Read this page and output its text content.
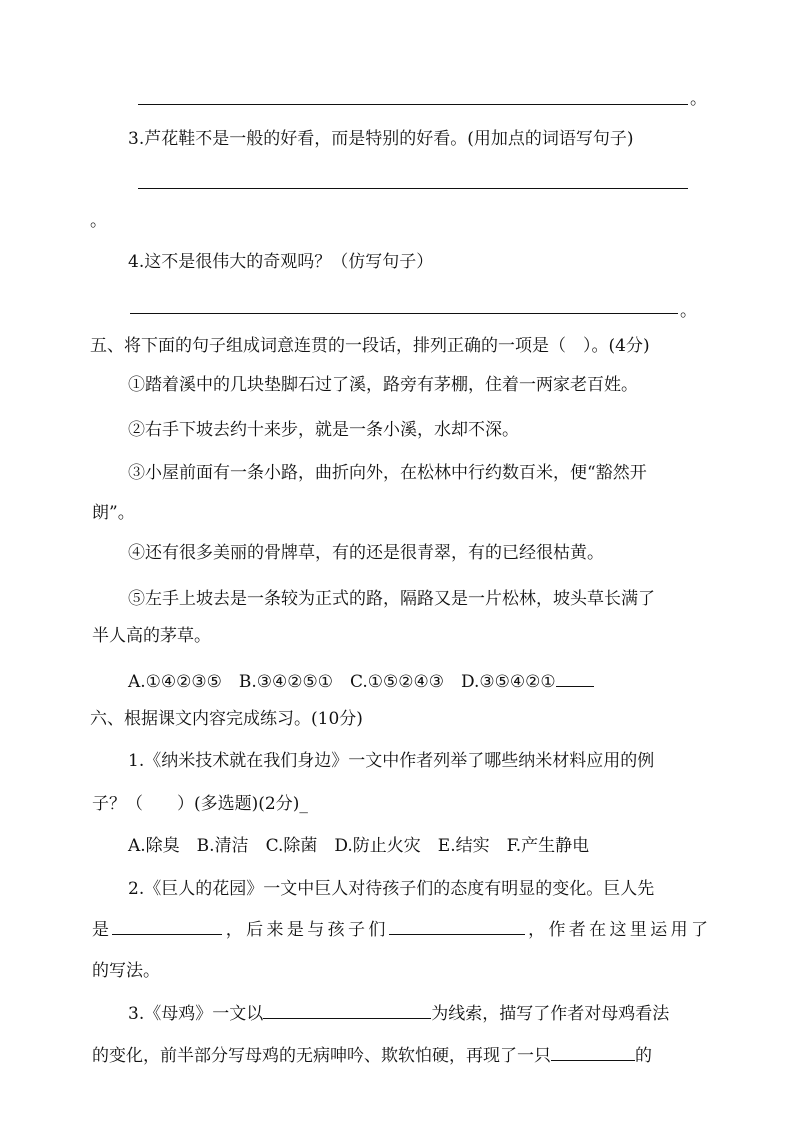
。
3.芦花鞋不是一般的好看，而是特别的好看。(用加点的词语写句子)
。
4.这不是很伟大的奇观吗？（仿写句子）
。
五、将下面的句子组成词意连贯的一段话，排列正确的一项是（　）。(4分)
①踏着溪中的几块垫脚石过了溪，路旁有茅棚，住着一两家老百姓。
②右手下坡去约十来步，就是一条小溪，水却不深。
③小屋前面有一条小路，曲折向外，在松林中行约数百米，便“豁然开
朗”。
④还有很多美丽的骨牌草，有的还是很青翠，有的已经很枯黄。
⑤左手上坡去是一条较为正式的路，隔路又是一片松林，坡头草长满了
半人高的茅草。
A.①④②③⑤　B.③④②⑤①　C.①⑤②④③　D.③⑤④②①
六、根据课文内容完成练习。(10分)
1.《纳米技术就在我们身边》一文中作者列举了哪些纳米材料应用的例
子？（　　）(多选题)(2分)_
A.除臭　B.清洁　C.除菌　D.防止火灾　E.结实　F.产生静电
2.《巨人的花园》一文中巨人对待孩子们的态度有明显的变化。巨人先
是	，后来是与孩子们	，作者在这里运用了
的写法。
3.《母鸡》一文以	为线索，描写了作者对母鸡看法
的变化，前半部分写母鸡的无病呻吟、欺软怕硬，再现了一只	的
